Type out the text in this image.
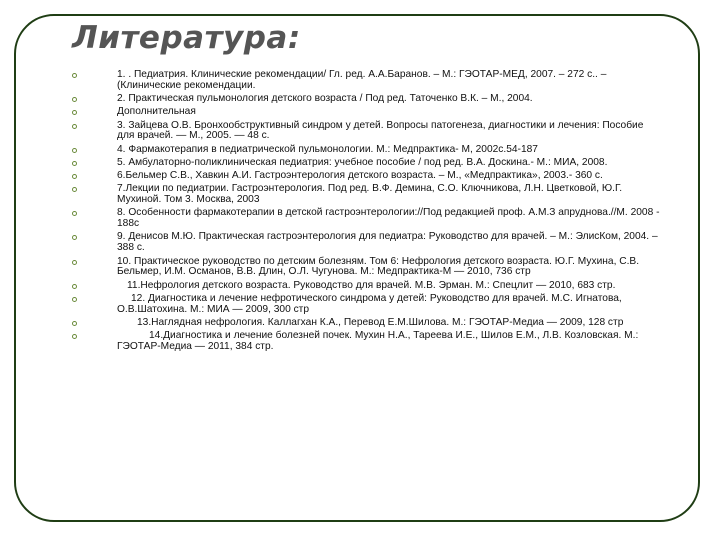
Литература:
1. . Педиатрия. Клинические рекомендации/ Гл. ред. А.А.Баранов. – М.: ГЭОТАР-МЕД, 2007. – 272 с.. – (Клинические рекомендации.
2. Практическая пульмонология детского возраста / Под ред. Таточенко В.К. – М., 2004.
Дополнительная
3. Зайцева О.В. Бронхообструктивный синдром у детей. Вопросы патогенеза, диагностики и лечения: Пособие для врачей. — М., 2005. — 48 с.
4. Фармакотерапия в педиатрической пульмонологии. М.: Медпрактика- М, 2002с.54-187
5. Амбулаторно-поликлиническая педиатрия: учебное пособие / под ред. В.А. Доскина.- М.: МИА, 2008.
6.Бельмер С.В., Хавкин А.И. Гастроэнтерология детского возраста. – М., «Медпрактика», 2003.- 360 с.
7.Лекции по педиатрии. Гастроэнтерология. Под ред. В.Ф. Демина, С.О. Ключникова, Л.Н. Цветковой, Ю.Г. Мухиной. Том 3. Москва, 2003
8. Особенности фармакотерапии в детской гастроэнтерологии://Под редакцией проф. А.М.З апруднова.//М. 2008 - 188с
9. Денисов М.Ю. Практическая гастроэнтерология для педиатра: Руководство для врачей. – М.: ЭлисКом, 2004. – 388 с.
10. Практическое руководство по детским болезням. Том 6: Нефрология детского возраста. Ю.Г. Мухина, С.В. Бельмер, И.М. Османов, В.В. Длин, О.Л. Чугунова. М.: Медпрактика-М — 2010, 736 стр
11.Нефрология детского возраста. Руководство для врачей. М.В. Эрман. М.: Спецлит — 2010, 683 стр.
12. Диагностика и лечение нефротического синдрома у детей: Руководство для врачей. М.С. Игнатова, О.В.Шатохина. М.: МИА — 2009, 300 стр
13.Наглядная нефрология. Каллагхан К.А., Перевод Е.М.Шилова. М.: ГЭОТАР-Медиа — 2009, 128 стр
14.Диагностика и лечение болезней почек. Мухин Н.А., Тареева И.Е., Шилов Е.М., Л.В. Козловская. М.: ГЭОТАР-Медиа — 2011, 384 стр.
